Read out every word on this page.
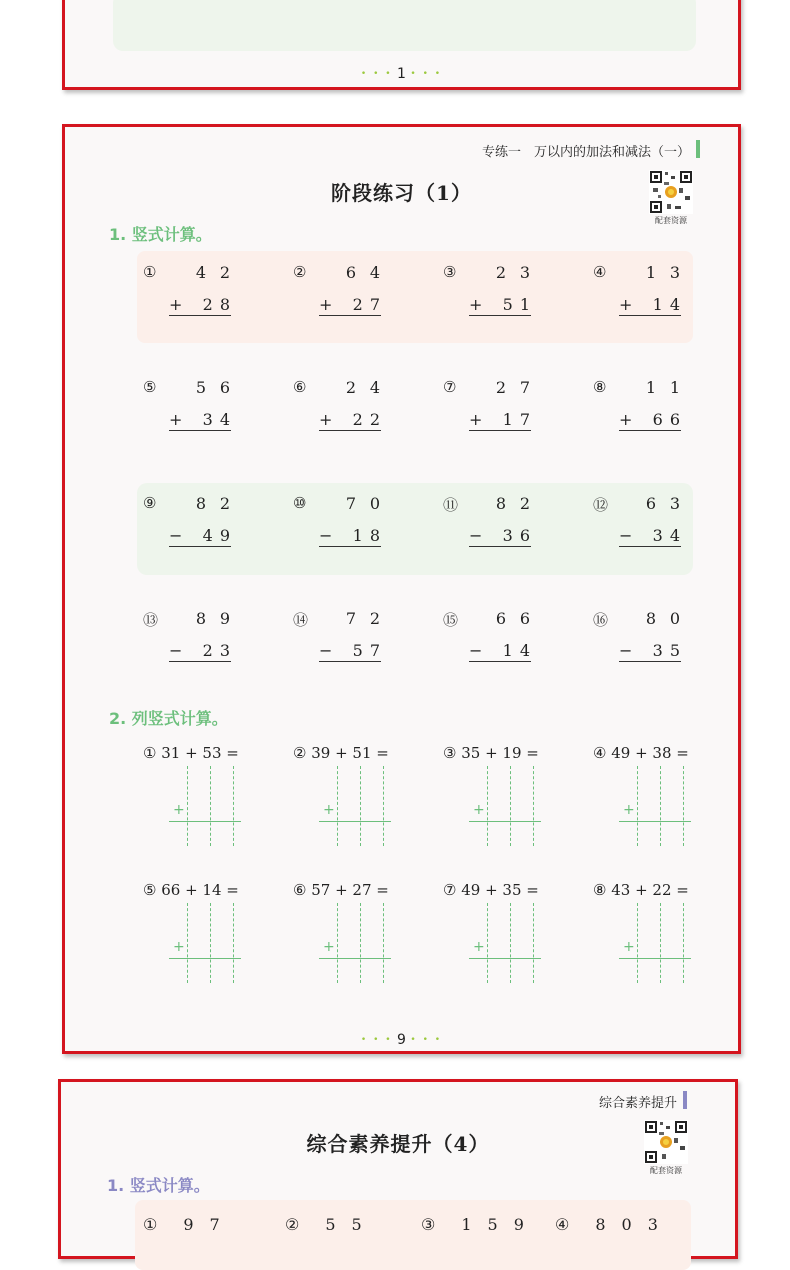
• • • 1 • • •
专练一　万以内的加法和减法（一）
阶段练习（1）
配套资源
1. 竖式计算。
① 4 2
+ 2 8
② 6 4
+ 2 7
③ 2 3
+ 5 1
④ 1 3
+ 1 4
⑤ 5 6
+ 3 4
⑥ 2 4
+ 2 2
⑦ 2 7
+ 1 7
⑧ 1 1
+ 6 6
⑨ 8 2
− 4 9
⑩ 7 0
− 1 8
⑪ 8 2
− 3 6
⑫ 6 3
− 3 4
⑬ 8 9
− 2 3
⑭ 7 2
− 5 7
⑮ 6 6
− 1 4
⑯ 8 0
− 3 5
2. 列竖式计算。
① 31 + 53 =
+
② 39 + 51 =
+
③ 35 + 19 =
+
④ 49 + 38 =
+
⑤ 66 + 14 =
+
⑥ 57 + 27 =
+
⑦ 49 + 35 =
+
⑧ 43 + 22 =
+
• • • 9 • • •
综合素养提升
综合素养提升（4）
配套资源
1. 竖式计算。
① 9　7	② 5　5	③ 1　5　9 ④ 8　0　3
